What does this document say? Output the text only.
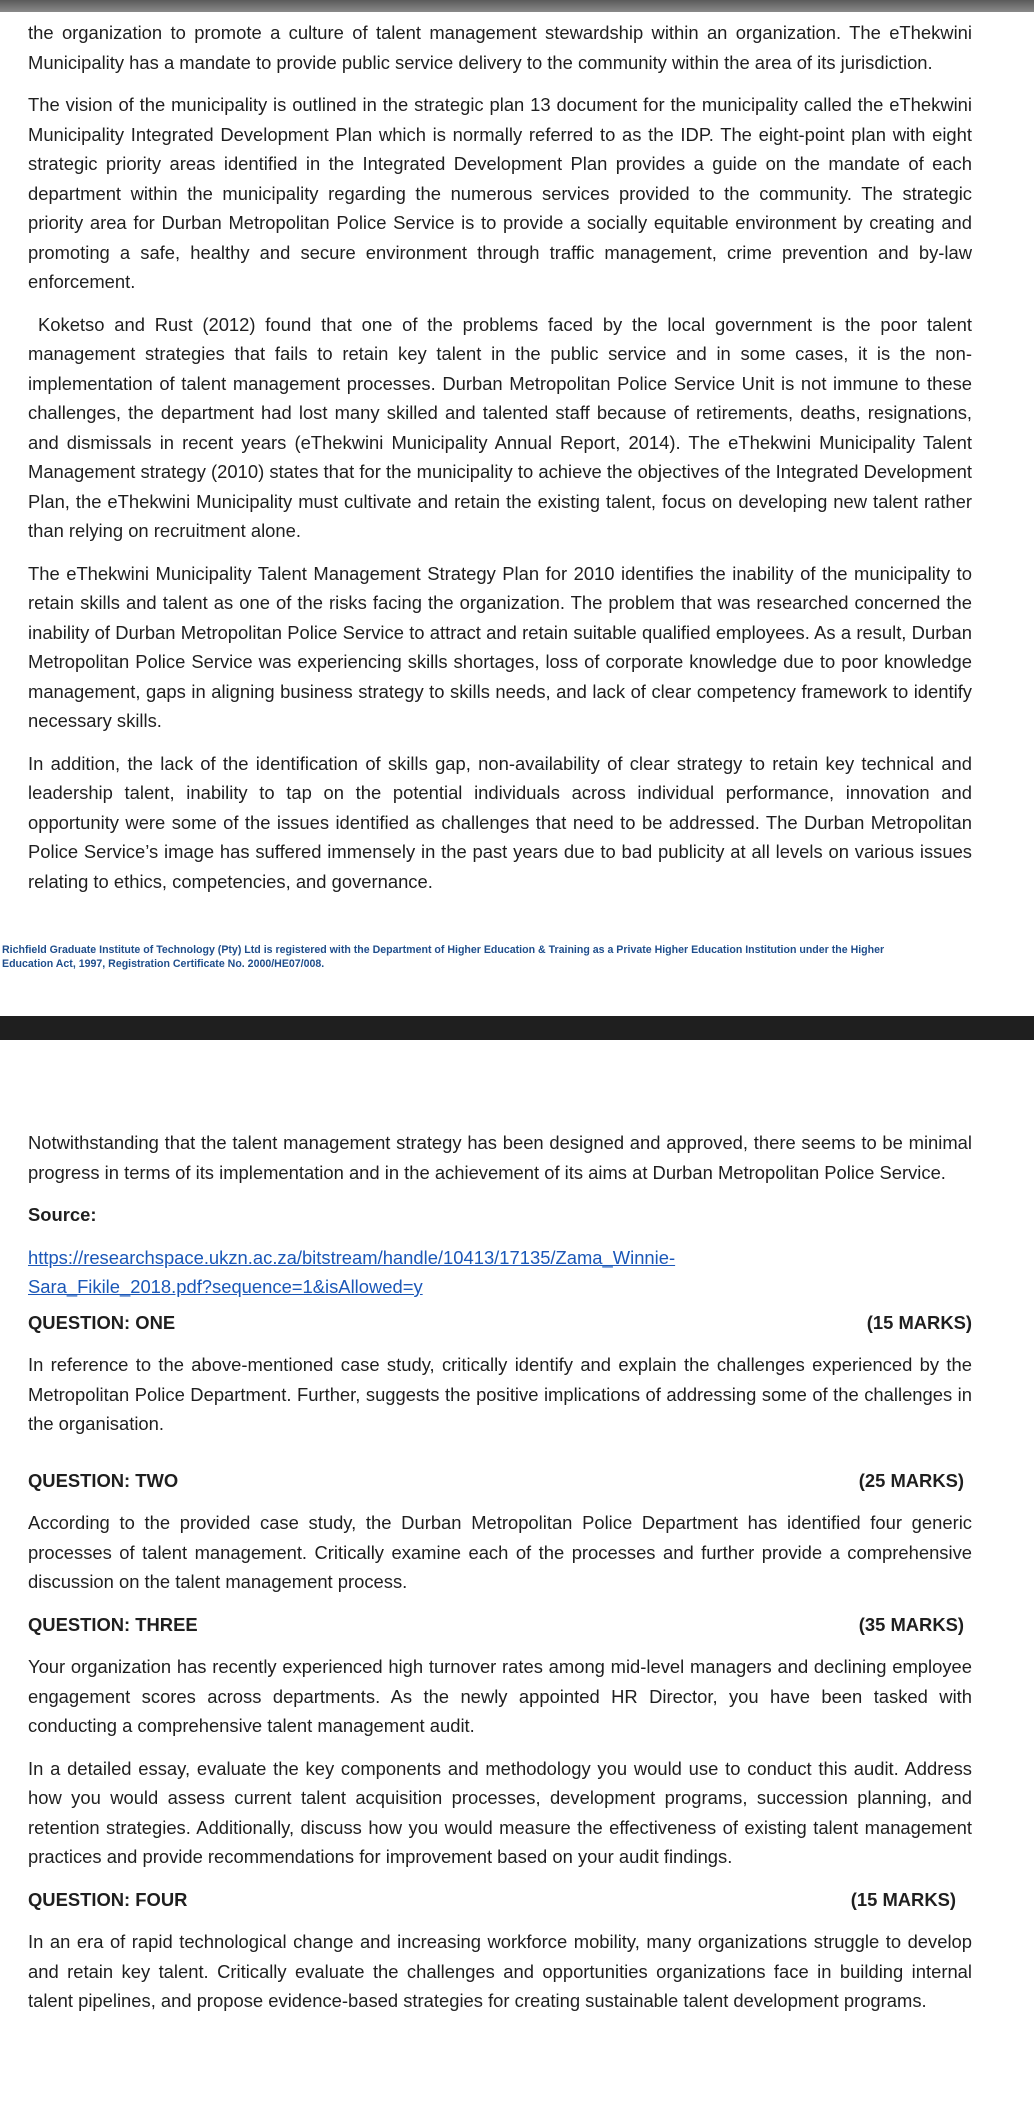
the organization to promote a culture of talent management stewardship within an organization. The eThekwini Municipality has a mandate to provide public service delivery to the community within the area of its jurisdiction.

The vision of the municipality is outlined in the strategic plan 13 document for the municipality called the eThekwini Municipality Integrated Development Plan which is normally referred to as the IDP. The eight-point plan with eight strategic priority areas identified in the Integrated Development Plan provides a guide on the mandate of each department within the municipality regarding the numerous services provided to the community. The strategic priority area for Durban Metropolitan Police Service is to provide a socially equitable environment by creating and promoting a safe, healthy and secure environment through traffic management, crime prevention and by-law enforcement.

Koketso and Rust (2012) found that one of the problems faced by the local government is the poor talent management strategies that fails to retain key talent in the public service and in some cases, it is the non-implementation of talent management processes. Durban Metropolitan Police Service Unit is not immune to these challenges, the department had lost many skilled and talented staff because of retirements, deaths, resignations, and dismissals in recent years (eThekwini Municipality Annual Report, 2014). The eThekwini Municipality Talent Management strategy (2010) states that for the municipality to achieve the objectives of the Integrated Development Plan, the eThekwini Municipality must cultivate and retain the existing talent, focus on developing new talent rather than relying on recruitment alone.

The eThekwini Municipality Talent Management Strategy Plan for 2010 identifies the inability of the municipality to retain skills and talent as one of the risks facing the organization. The problem that was researched concerned the inability of Durban Metropolitan Police Service to attract and retain suitable qualified employees. As a result, Durban Metropolitan Police Service was experiencing skills shortages, loss of corporate knowledge due to poor knowledge management, gaps in aligning business strategy to skills needs, and lack of clear competency framework to identify necessary skills.

In addition, the lack of the identification of skills gap, non-availability of clear strategy to retain key technical and leadership talent, inability to tap on the potential individuals across individual performance, innovation and opportunity were some of the issues identified as challenges that need to be addressed. The Durban Metropolitan Police Service’s image has suffered immensely in the past years due to bad publicity at all levels on various issues relating to ethics, competencies, and governance.

Richfield Graduate Institute of Technology (Pty) Ltd is registered with the Department of Higher Education & Training as a Private Higher Education Institution under the Higher Education Act, 1997, Registration Certificate No. 2000/HE07/008.

Notwithstanding that the talent management strategy has been designed and approved, there seems to be minimal progress in terms of its implementation and in the achievement of its aims at Durban Metropolitan Police Service.

Source:
https://researchspace.ukzn.ac.za/bitstream/handle/10413/17135/Zama_Winnie-
Sara_Fikile_2018.pdf?sequence=1&isAllowed=y
QUESTION: ONE	(15 MARKS)

In reference to the above-mentioned case study, critically identify and explain the challenges experienced by the Metropolitan Police Department. Further, suggests the positive implications of addressing some of the challenges in the organisation.

QUESTION: TWO	(25 MARKS)

According to the provided case study, the Durban Metropolitan Police Department has identified four generic processes of talent management. Critically examine each of the processes and further provide a comprehensive discussion on the talent management process.

QUESTION: THREE	(35 MARKS)

Your organization has recently experienced high turnover rates among mid-level managers and declining employee engagement scores across departments. As the newly appointed HR Director, you have been tasked with conducting a comprehensive talent management audit.

In a detailed essay, evaluate the key components and methodology you would use to conduct this audit. Address how you would assess current talent acquisition processes, development programs, succession planning, and retention strategies. Additionally, discuss how you would measure the effectiveness of existing talent management practices and provide recommendations for improvement based on your audit findings.

QUESTION: FOUR	(15 MARKS)

In an era of rapid technological change and increasing workforce mobility, many organizations struggle to develop and retain key talent. Critically evaluate the challenges and opportunities organizations face in building internal talent pipelines, and propose evidence-based strategies for creating sustainable talent development programs.
